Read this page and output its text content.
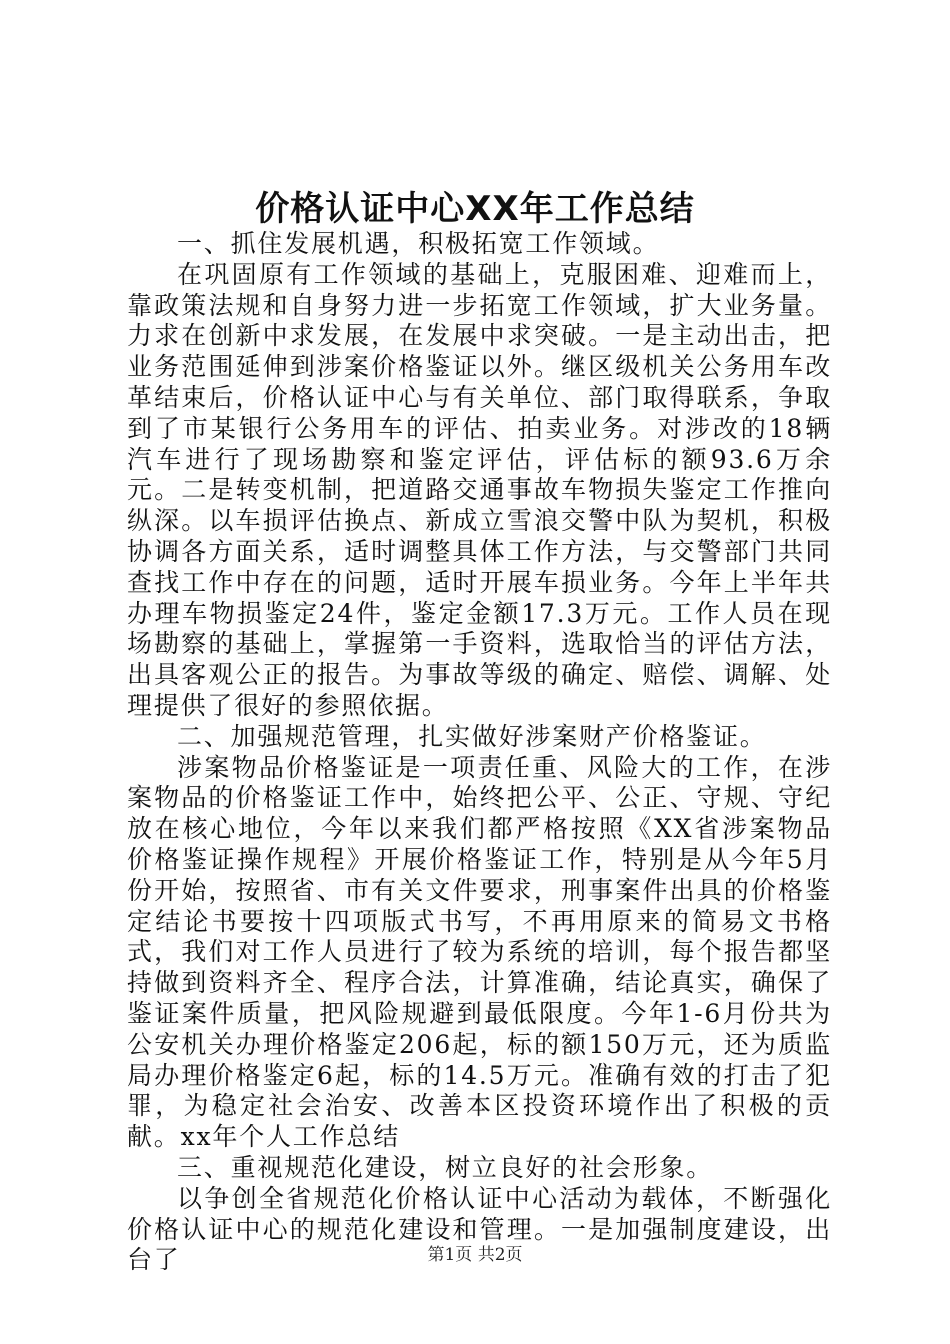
价格认证中心XX年工作总结

一、抓住发展机遇，积极拓宽工作领域。

在巩固原有工作领域的基础上，克服困难、迎难而上，靠政策法规和自身努力进一步拓宽工作领域，扩大业务量。力求在创新中求发展，在发展中求突破。一是主动出击，把业务范围延伸到涉案价格鉴证以外。继区级机关公务用车改革结束后，价格认证中心与有关单位、部门取得联系，争取到了市某银行公务用车的评估、拍卖业务。对涉改的18辆汽车进行了现场勘察和鉴定评估，评估标的额93.6万余元。二是转变机制，把道路交通事故车物损失鉴定工作推向纵深。以车损评估换点、新成立雪浪交警中队为契机，积极协调各方面关系，适时调整具体工作方法，与交警部门共同查找工作中存在的问题，适时开展车损业务。今年上半年共办理车物损鉴定24件，鉴定金额17.3万元。工作人员在现场勘察的基础上，掌握第一手资料，选取恰当的评估方法，出具客观公正的报告。为事故等级的确定、赔偿、调解、处理提供了很好的参照依据。

二、加强规范管理，扎实做好涉案财产价格鉴证。

涉案物品价格鉴证是一项责任重、风险大的工作，在涉案物品的价格鉴证工作中，始终把公平、公正、守规、守纪放在核心地位，今年以来我们都严格按照《XX省涉案物品价格鉴证操作规程》开展价格鉴证工作，特别是从今年5月份开始，按照省、市有关文件要求，刑事案件出具的价格鉴定结论书要按十四项版式书写，不再用原来的简易文书格式，我们对工作人员进行了较为系统的培训，每个报告都坚持做到资料齐全、程序合法，计算准确，结论真实，确保了鉴证案件质量，把风险规避到最低限度。今年1-6月份共为公安机关办理价格鉴定206起，标的额150万元，还为质监局办理价格鉴定6起，标的14.5万元。准确有效的打击了犯罪，为稳定社会治安、改善本区投资环境作出了积极的贡献。xx年个人工作总结

三、重视规范化建设，树立良好的社会形象。

以争创全省规范化价格认证中心活动为载体，不断强化价格认证中心的规范化建设和管理。一是加强制度建设，出台了	第1页 共2页
